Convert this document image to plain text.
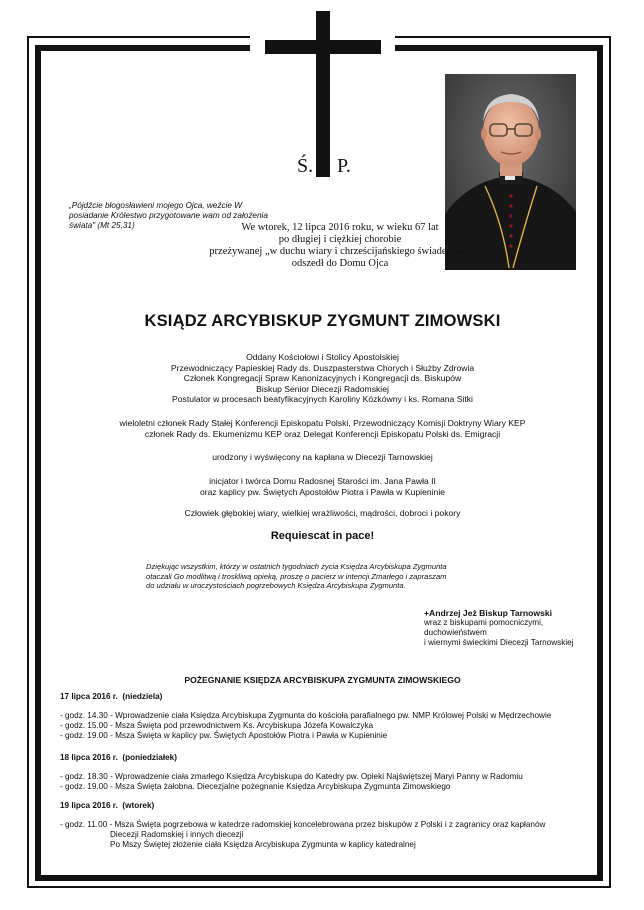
Ś. P.
„Pójdźcie błogosławieni mojego Ojca, weźcie W posiadanie Królestwo przygotowane wam od założenia świata" (Mt 25,31)	We wtorek, 12 lipca 2016 roku, w wieku 67 lat
po długiej i ciężkiej chorobie
przeżywanej „w duchu wiary i chrześcijańskiego świadectwa"
odszedł do Domu Ojca
KSIĄDZ ARCYBISKUP ZYGMUNT ZIMOWSKI
Oddany Kościołowi i Stolicy Apostolskiej
Przewodniczący Papieskiej Rady ds. Duszpasterstwa Chorych i Służby Zdrowia
Członek Kongregacji Spraw Kanonizacyjnych i Kongregacji ds. Biskupów
Biskup Senior Diecezji Radomskiej
Postulator w procesach beatyfikacyjnych Karoliny Kózkówny i ks. Romana Sitki
wieloletni członek Rady Stałej Konferencji Episkopatu Polski, Przewodniczący Komisji Doktryny Wiary KEP
członek Rady ds. Ekumenizmu KEP oraz Delegat Konferencji Episkopatu Polski ds. Emigracji
urodzony i wyświęcony na kapłana w Diecezji Tarnowskiej
inicjator i twórca Domu Radosnej Starości im. Jana Pawła II
oraz kaplicy pw. Świętych Apostołów Piotra i Pawła w Kupieninie
Człowiek głębokiej wiary, wielkiej wrażliwości, mądrości, dobroci i pokory
Requiescat in pace!
Dziękując wszystkim, którzy w ostatnich tygodniach życia Księdza Arcybiskupa Zygmunta
otaczali Go modlitwą i troskliwą opieką, proszę o pacierz w intencji Zmarłego i zapraszam
do udziału w uroczystościach pogrzebowych Księdza Arcybiskupa Zygmunta.
+Andrzej Jeż Biskup Tarnowski
wraz z biskupami pomocniczymi,
duchowieństwem
i wiernymi świeckimi Diecezji Tarnowskiej
POŻEGNANIE KSIĘDZA ARCYBISKUPA ZYGMUNTA ZIMOWSKIEGO
17 lipca 2016 r. (niedziela)
- godz. 14.30 - Wprowadzenie ciała Księdza Arcybiskupa Zygmunta do kościoła parafialnego pw. NMP Królowej Polski w Mędrzechowie
- godz. 15.00 - Msza Święta pod przewodnictwem Ks. Arcybiskupa Józefa Kowalczyka
- godz. 19.00 - Msza Święta w kaplicy pw. Świętych Apostołów Piotra i Pawła w Kupieninie
18 lipca 2016 r. (poniedziałek)
- godz. 18.30 - Wprowadzenie ciała zmarłego Księdza Arcybiskupa do Katedry pw. Opieki Najświętszej Maryi Panny w Radomiu
- godz. 19.00 - Msza Święta żałobna. Diecezjalne pożegnanie Księdza Arcybiskupa Zygmunta Zimowskiego
19 lipca 2016 r. (wtorek)
- godz. 11.00 - Msza Święta pogrzebowa w katedrze radomskiej koncelebrowana przez biskupów z Polski i z zagranicy oraz kapłanów
Diecezji Radomskiej i innych diecezji
Po Mszy Świętej złożenie ciała Księdza Arcybiskupa Zygmunta w kaplicy katedralnej
